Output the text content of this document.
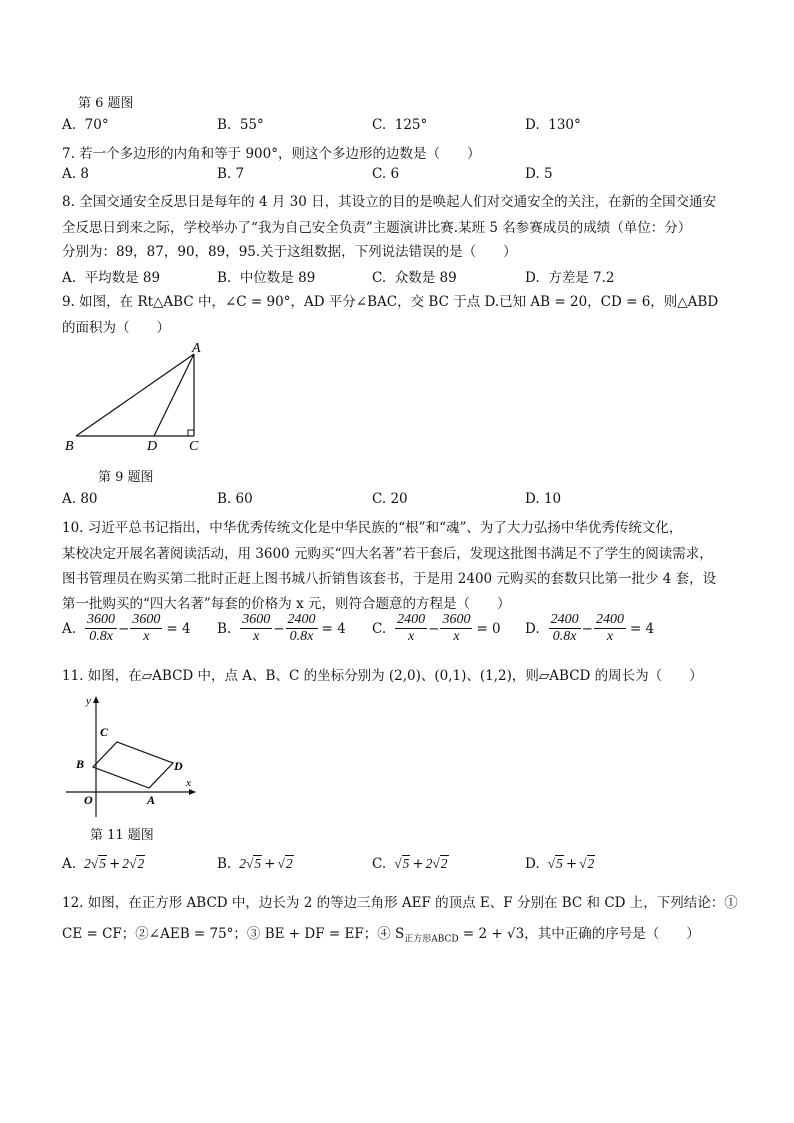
第 6 题图
A. 70°	B. 55°	C. 125°	D. 130°
7. 若一个多边形的内角和等于 900°，则这个多边形的边数是（　　）
A. 8	B. 7	C. 6	D. 5
8. 全国交通安全反思日是每年的 4 月 30 日，其设立的目的是唤起人们对交通安全的关注，在新的全国交通安
全反思日到来之际，学校举办了“我为自己安全负责”主题演讲比赛.某班 5 名参赛成员的成绩（单位：分）
分别为：89，87，90，89，95.关于这组数据，下列说法错误的是（　　）
A. 平均数是 89	B. 中位数是 89	C. 众数是 89	D. 方差是 7.2
9. 如图，在 Rt△ABC 中，∠C = 90°，AD 平分∠BAC，交 BC 于点 D.已知 AB = 20，CD = 6，则△ABD
的面积为（　　）
A
B	D C
第 9 题图
A. 80	B. 60	C. 20	D. 10
10. 习近平总书记指出，中华优秀传统文化是中华民族的“根”和“魂”、为了大力弘扬中华优秀传统文化，
某校决定开展名著阅读活动，用 3600 元购买“四大名著”若干套后，发现这批图书满足不了学生的阅读需求，
图书管理员在购买第二批时正赶上图书城八折销售该套书，于是用 2400 元购买的套数只比第一批少 4 套，设
第一批购买的“四大名著”每套的价格为 x 元，则符合题意的方程是（　　）
A. $\frac{3600}{0.8x} - \frac{3600}{x} = 4$ B. $\frac{3600}{x} - \frac{2400}{0.8x} = 4$ C. $\frac{2400}{x} - \frac{3600}{x} = 0$ D. $\frac{2400}{0.8x} - \frac{2400}{x} = 4$
11. 如图，在▱ABCD 中，点 A、B、C 的坐标分别为 (2,0)、(0,1)、(1,2)，则▱ABCD 的周长为（　　）
y
x
O	A
B
C
D
第 11 题图
A. 2√5 + 2√2	B. 2√5 + √2	C. √5 + 2√2	D. √5 + √2
12. 如图，在正方形 ABCD 中，边长为 2 的等边三角形 AEF 的顶点 E、F 分别在 BC 和 CD 上，下列结论：①
CE = CF；②∠AEB = 75°；③ BE + DF = EF；④ $S_{正方形ABCD} = 2 + √3$，其中正确的序号是（　　）
